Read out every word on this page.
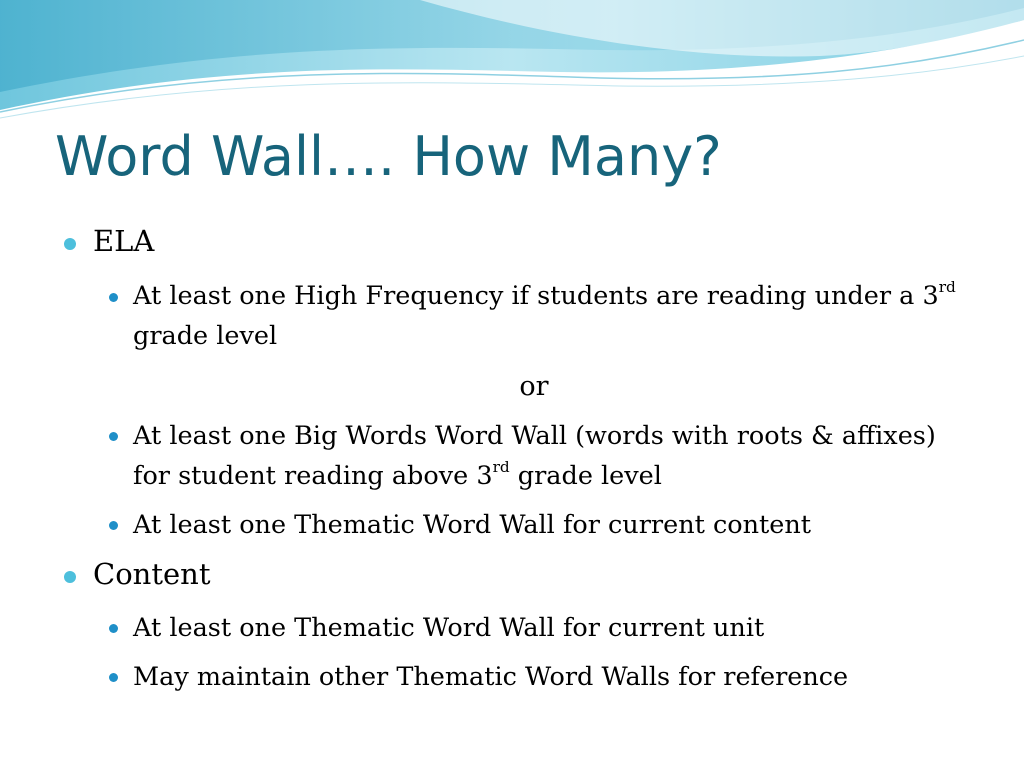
Word Wall…. How Many?
ELA
At least one High Frequency if students are reading under a 3rd grade level
or
At least one Big Words Word Wall (words with roots & affixes) for student reading above 3rd grade level
At least one Thematic Word Wall for current content
Content
At least one Thematic Word Wall for current unit
May maintain other Thematic Word Walls for reference
